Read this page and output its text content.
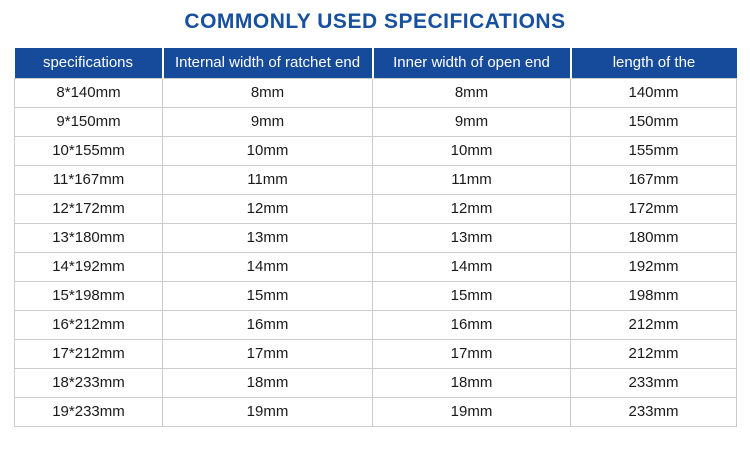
COMMONLY USED SPECIFICATIONS
specifications	Internal width of ratchet end	Inner width of open end	length of the
8*140mm	8mm	8mm	140mm
9*150mm	9mm	9mm	150mm
10*155mm	10mm	10mm	155mm
11*167mm	11mm	11mm	167mm
12*172mm	12mm	12mm	172mm
13*180mm	13mm	13mm	180mm
14*192mm	14mm	14mm	192mm
15*198mm	15mm	15mm	198mm
16*212mm	16mm	16mm	212mm
17*212mm	17mm	17mm	212mm
18*233mm	18mm	18mm	233mm
19*233mm	19mm	19mm	233mm
